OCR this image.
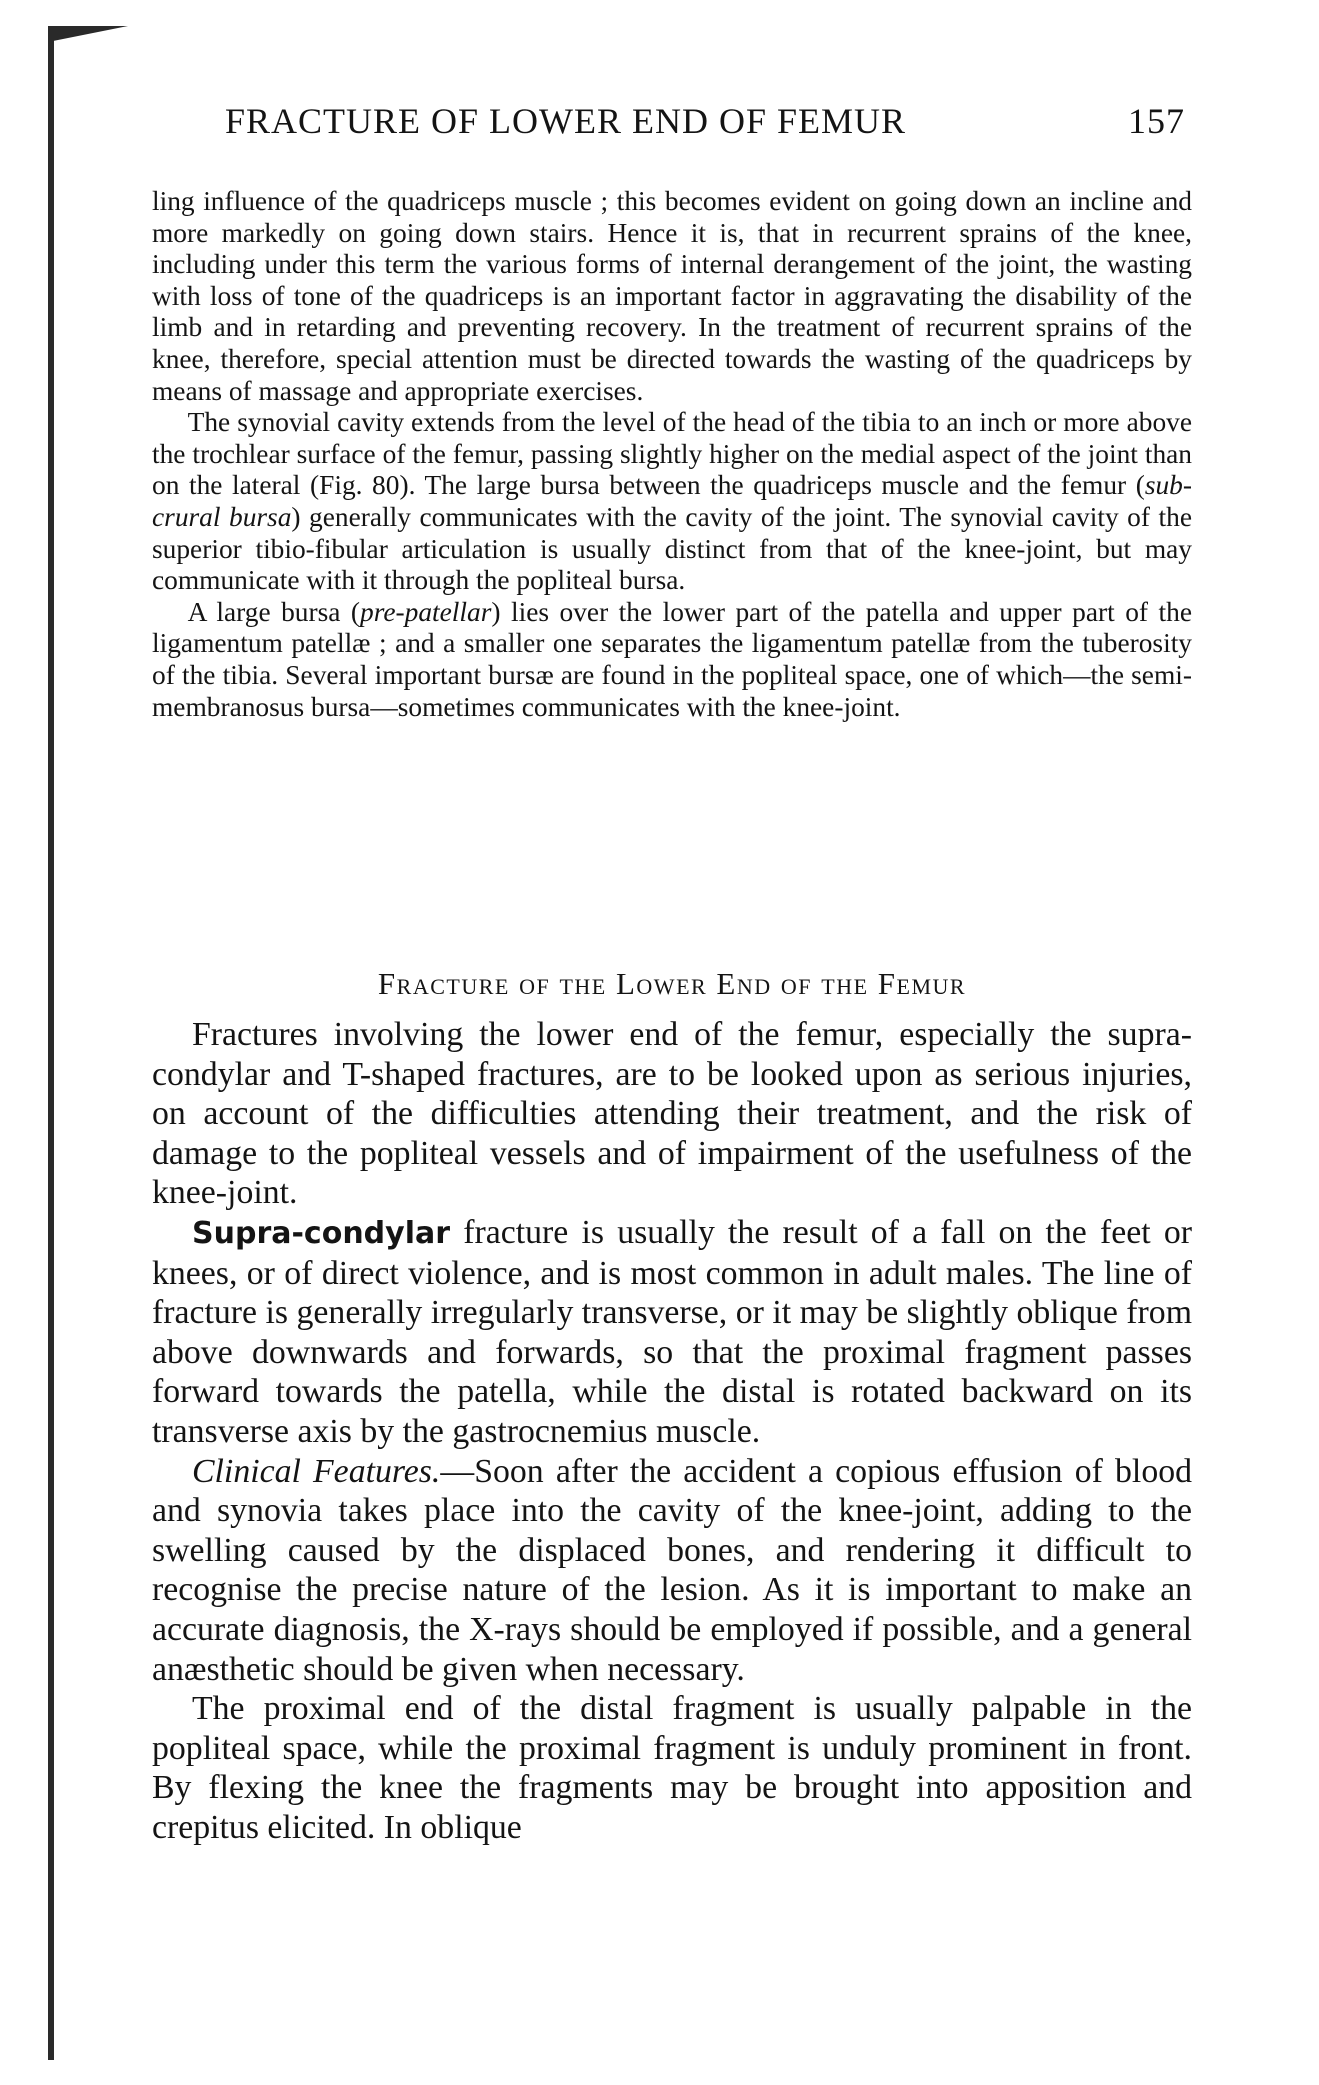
FRACTURE OF LOWER END OF FEMUR	157

ling influence of the quadriceps muscle ; this becomes evident on going down an incline and more markedly on going down stairs. Hence it is, that in recurrent sprains of the knee, including under this term the various forms of internal derangement of the joint, the wasting with loss of tone of the quadriceps is an important factor in aggravating the disability of the limb and in retarding and preventing recovery. In the treatment of recurrent sprains of the knee, therefore, special attention must be directed towards the wasting of the quadriceps by means of massage and appropriate exercises.

The synovial cavity extends from the level of the head of the tibia to an inch or more above the trochlear surface of the femur, passing slightly higher on the medial aspect of the joint than on the lateral (Fig. 80). The large bursa between the quadriceps muscle and the femur (sub-crural bursa) generally communicates with the cavity of the joint. The synovial cavity of the superior tibio-fibular articulation is usually distinct from that of the knee-joint, but may communicate with it through the popliteal bursa.

A large bursa (pre-patellar) lies over the lower part of the patella and upper part of the ligamentum patellæ ; and a smaller one separates the ligamentum patellæ from the tuberosity of the tibia. Several important bursæ are found in the popliteal space, one of which—the semi-membranosus bursa—sometimes communicates with the knee-joint.

Fracture of the Lower End of the Femur

Fractures involving the lower end of the femur, especially the supra-condylar and T-shaped fractures, are to be looked upon as serious injuries, on account of the difficulties attending their treatment, and the risk of damage to the popliteal vessels and of impairment of the usefulness of the knee-joint.

Supra-condylar fracture is usually the result of a fall on the feet or knees, or of direct violence, and is most common in adult males. The line of fracture is generally irregularly transverse, or it may be slightly oblique from above downwards and forwards, so that the proximal fragment passes forward towards the patella, while the distal is rotated backward on its transverse axis by the gastrocnemius muscle.

Clinical Features.—Soon after the accident a copious effusion of blood and synovia takes place into the cavity of the knee-joint, adding to the swelling caused by the displaced bones, and rendering it difficult to recognise the precise nature of the lesion. As it is important to make an accurate diagnosis, the X-rays should be employed if possible, and a general anæsthetic should be given when necessary.

The proximal end of the distal fragment is usually palpable in the popliteal space, while the proximal fragment is unduly prominent in front. By flexing the knee the fragments may be brought into apposition and crepitus elicited. In oblique
